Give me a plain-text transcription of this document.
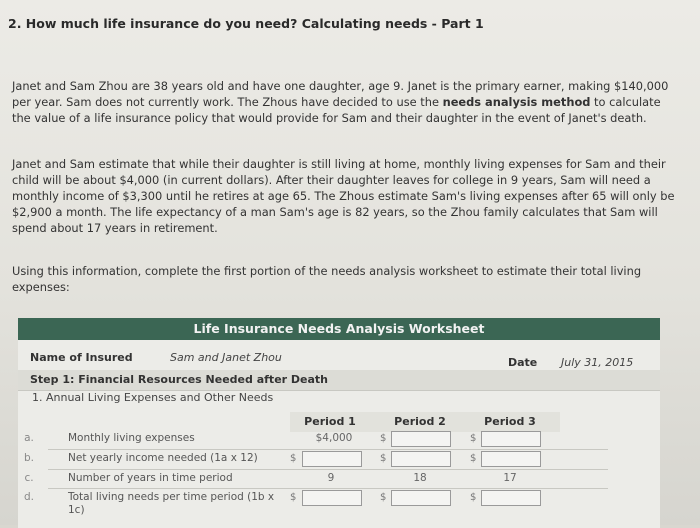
2. How much life insurance do you need? Calculating needs - Part 1
Janet and Sam Zhou are 38 years old and have one daughter, age 9. Janet is the primary earner, making $140,000 per year. Sam does not currently work. The Zhous have decided to use the needs analysis method to calculate the value of a life insurance policy that would provide for Sam and their daughter in the event of Janet's death.
Janet and Sam estimate that while their daughter is still living at home, monthly living expenses for Sam and their child will be about $4,000 (in current dollars). After their daughter leaves for college in 9 years, Sam will need a monthly income of $3,300 until he retires at age 65. The Zhous estimate Sam's living expenses after 65 will only be $2,900 a month. The life expectancy of a man Sam's age is 82 years, so the Zhou family calculates that Sam will spend about 17 years in retirement.
Using this information, complete the first portion of the needs analysis worksheet to estimate their total living expenses:
Life Insurance Needs Analysis Worksheet
Name of Insured	Sam and Janet Zhou	Date July 31, 2015
Step 1: Financial Resources Needed after Death
1. Annual Living Expenses and Other Needs
Period 1	Period 2	Period 3
a.	Monthly living expenses	$4,000	$	$
b.	Net yearly income needed (1a x 12)	$	$	$
c.	Number of years in time period	9	18	17
d.	Total living needs per time period (1b x 1c)
$	$	$
